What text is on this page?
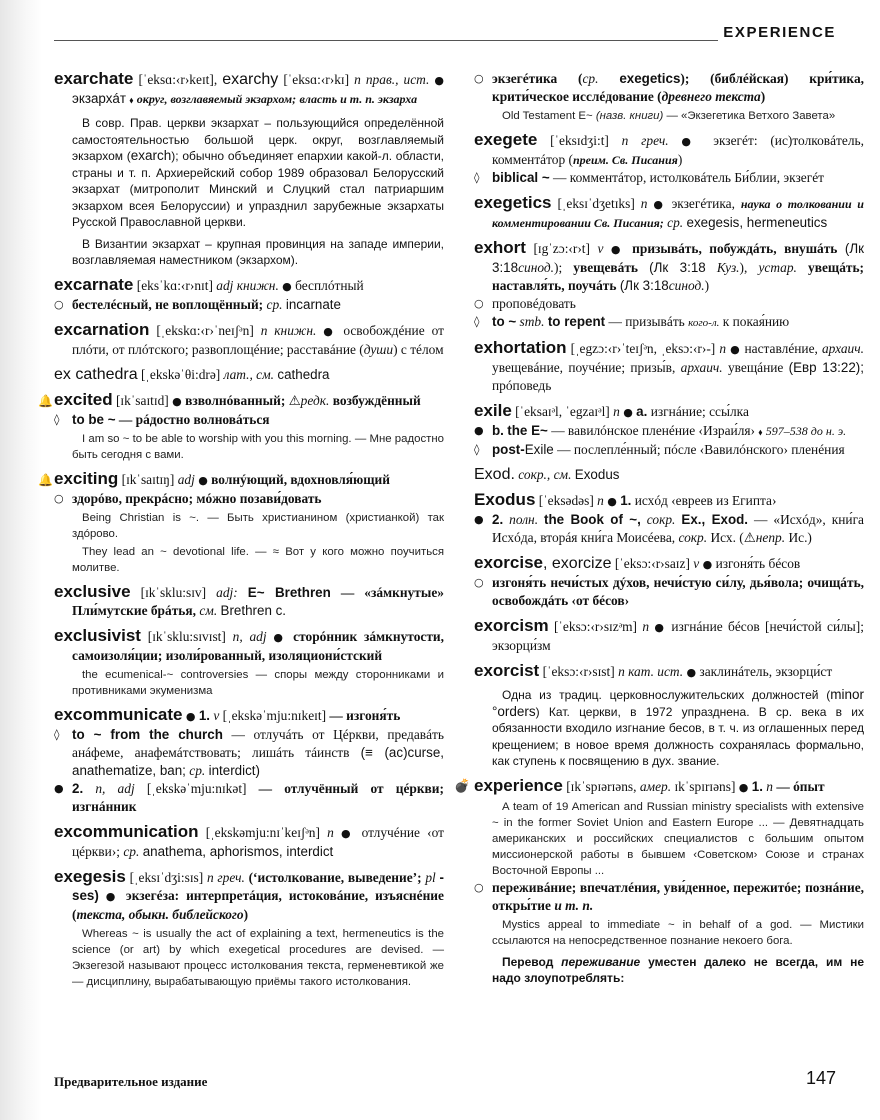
EXPERIENCE
exarchate [ˈeksɑ:‹r›keɪt], exarchy [ˈeksɑ:‹r›kɪ] n прав., ист. ● экзархáт ⬧ округ, возглавяемый экзархом; власть и т. п. экзарха
В совр. Прав. церкви экзархат – пользующийся определённой самостоятельностью большой церк. округ, возглавляемый экзархом (exarch); обычно объединяет епархии какой-л. области, страны и т. п. Архиерейский собор 1989 образовал Белорусский экзархат (митрополит Минский и Слуцкий стал патриаршим экзархом всея Белоруссии) и упразднил зарубежные экзархаты Русской Православной церкви.
В Византии экзархат – крупная провинция на западе империи, возглавляемая наместником (экзархом).
excarnate [eksˈkɑ:‹r›nɪt] adj книжн. ● бесплóтный
○ бестелéсный, не воплощённый; ср. incarnate
excarnation [ˌekskɑ:‹r›ˈneɪʃᵊn] n книжн. ● освобождéние от плóти, от плóтского; развоплощéние; расставáние (души) с тéлом
ex cathedra [ˌekskəˈθi:drə] лат., см. cathedra
🔔 excited [ɪkˈsaɪtɪd] ● взволнóванный; ⚠редк. возбуждённый
◊ to be ~ — рáдостно волновáться
I am so ~ to be able to worship with you this morning. — Мне радостно быть сегодня с вами.
🔔 exciting [ɪkˈsaɪtɪŋ] adj ● волнýющий, вдохновля́ющий
○ здорóво, прекрáсно; мóжно позави́довать
Being Christian is ~. — Быть христианином (христианкой) так здóрово.
They lead an ~ devotional life. — ≈ Вот у кого можно поучиться молитве.
exclusive [ɪkˈsklu:sɪv] adj: E~ Brethren — «зáмкнутые» Пли́мутские брáтья, см. Brethren c.
exclusivist [ɪkˈsklu:sɪvɪst] n, adj ● сторóнник зáмкнутости, самоизоля́ции; изоли́рованный, изоляциони́стский
the ecumenical-~ controversies — споры между сторонниками и противниками экуменизма
excommunicate ● 1. v [ˌekskəˈmju:nɪkeɪt] — изгоня́ть
◊ to ~ from the church — отлучáть от Цéркви, предавáть анáфеме, анафемáтствовать; лишáть тáинств (≡ (ac)curse, anathematize, ban; ср. interdict)
● 2. n, adj [ˌekskəˈmju:nɪkət] — отлучённый от цéркви; изгнáнник
excommunication [ˌekskəmju:nɪˈkeɪʃᵊn] n ● отлучéние ‹от цéркви›; ср. anathema, aphorismos, interdict
exegesis [ˌeksɪˈdʒi:sɪs] n греч. (‘истолкование, выведение’; pl -ses) ● экзегéза: интерпретáция, истоковáние, изъяснéние (текста, обыкн. библейского)
Whereas ~ is usually the act of explaining a text, hermeneutics is the science (or art) by which exegetical procedures are devised. — Экзегезой называют процесс истолкования текста, герменевтикой же — дисциплину, вырабатывающую приёмы такого истолкования.
○ экзегéтика (ср. exegetics); (библéйская) кри́тика, крити́ческое исслéдование (древнего текста)
Old Testament E~ (назв. книги) — «Экзегетика Ветхого Завета»
exegete [ˈeksɪdʒi:t] n греч. ● экзегéт: (ис)толковáтель, комментáтор (преим. Св. Писания)
◊ biblical ~ — комментáтор, истолковáтель Би́блии, экзегéт
exegetics [ˌeksɪˈdʒetɪks] n ● экзегéтика, наука о толковании и комментировании Св. Писания; ср. exegesis, hermeneutics
exhort [ɪgˈzɔ:‹r›t] v ● призывáть, побуждáть, внушáть (Лк 3:18синод.); увещевáть (Лк 3:18 Куз.), устар. увещáть; наставля́ть, поучáть (Лк 3:18синод.)
○ проповéдовать
◊ to ~ smb. to repent — призывáть кого-л. к покая́нию
exhortation [ˌegzɔ:‹r›ˈteɪʃᵊn, ˌeksɔ:‹r›-] n ● наставлéние, архаич. увещевáние, поучéние; призы́в, архаич. увещáние (Евр 13:22); прóповедь
exile [ˈeksaɪᵊl, ˈegzaɪᵊl] n ● a. изгнáние; ссы́лка
● b. the E~ — вавилóнское пленéние ‹Израи́ля› ⬧ 597–538 до н. э.
◊ post-Exile — послепле́нный; пóсле ‹Вавилóнского› пленéния
Exod. сокр., см. Exodus
Exodus [ˈeksədəs] n ● 1. исхóд ‹евреев из Египта›
● 2. полн. the Book of ~, сокр. Ex., Exod. — «Исхóд», кни́га Исхóда, вторáя кни́га Моисéева, сокр. Исх. (⚠непр. Ис.)
exorcise, exorcize [ˈeksɔ:‹r›saɪz] v ● изгоня́ть бéсов
○ изгоня́ть нечи́стых дýхов, нечи́стую си́лу, дья́вола; очищáть, освобождáть ‹от бéсов›
exorcism [ˈeksɔ:‹r›sɪzᵊm] n ● изгнáние бéсов [нечи́стой си́лы]; экзорци́зм
exorcist [ˈeksɔ:‹r›sɪst] n кат. ист. ● заклинáтель, экзорци́ст
Одна из традиц. церковнослужительских должностей (minor °orders) Кат. церкви, в 1972 упразднена. В ср. века в их обязанности входило изгнание бесов, в т. ч. из оглашенных перед крещением; в новое время должность сохранялась формально, как ступень к посвящению в дух. звание.
💣 experience [ɪkˈspɪərɪəns, амер. ɪkˈspɪrɪəns] ● 1. n — óпыт
A team of 19 American and Russian ministry specialists with extensive ~ in the former Soviet Union and Eastern Europe ... — Девятнадцать американских и российских специалистов с большим опытом миссионерской работы в бывшем ‹Советском› Союзе и странах Восточной Европы ...
○ переживáние; впечатлéния, уви́денное, пережитóе; познáние, откры́тие и т. п.
Mystics appeal to immediate ~ in behalf of a god. — Мистики ссылаются на непосредственное познание некоего бога.
Перевод переживание уместен далеко не всегда, им не надо злоупотреблять:
Предварительное издание	147
